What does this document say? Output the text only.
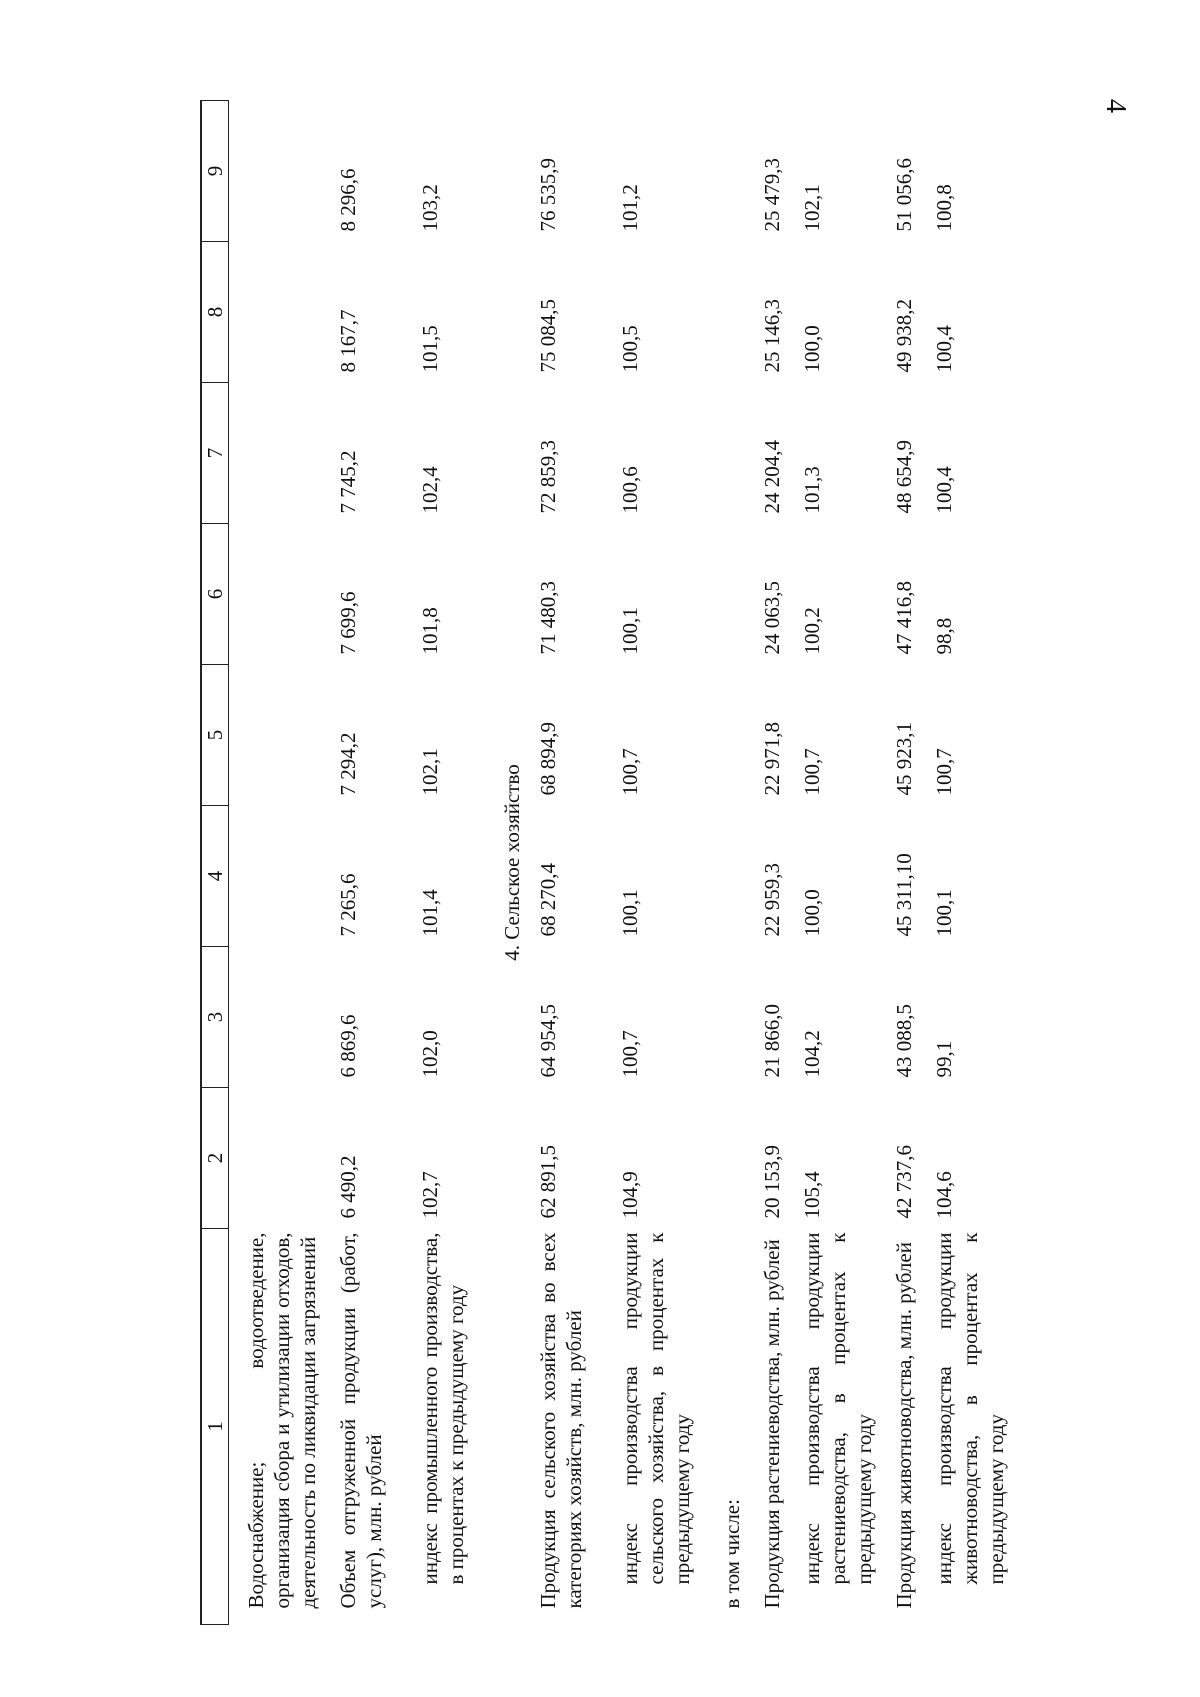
4
1	2	3	4	5	6	7	8	9
Водоснабжение; водоотведение, организация сбора и утилизации отходов, деятельность по ликвидации загрязнений								
Объем отгруженной продукции (работ, услуг), млн. рублей	6 490,2	6 869,6	7 265,6	7 294,2	7 699,6	7 745,2	8 167,7	8 296,6
индекс промышленного производства, в процентах к предыдущему году	102,7	102,0	101,4	102,1	101,8	102,4	101,5	103,2
4. Сельское хозяйство								
Продукция сельского хозяйства во всех категориях хозяйств, млн. рублей	62 891,5	64 954,5	68 270,4	68 894,9	71 480,3	72 859,3	75 084,5	76 535,9
индекс производства продукции сельского хозяйства, в процентах к предыдущему году	104,9	100,7	100,1	100,7	100,1	100,6	100,5	101,2
в том числе:								
Продукция растениеводства, млн. рублей	20 153,9	21 866,0	22 959,3	22 971,8	24 063,5	24 204,4	25 146,3	25 479,3
индекс производства продукции растениеводства, в процентах к предыдущему году	105,4	104,2	100,0	100,7	100,2	101,3	100,0	102,1
Продукция животноводства, млн. рублей	42 737,6	43 088,5	45 311,10	45 923,1	47 416,8	48 654,9	49 938,2	51 056,6
индекс производства продукции животноводства, в процентах к предыдущему году	104,6	99,1	100,1	100,7	98,8	100,4	100,4	100,8
